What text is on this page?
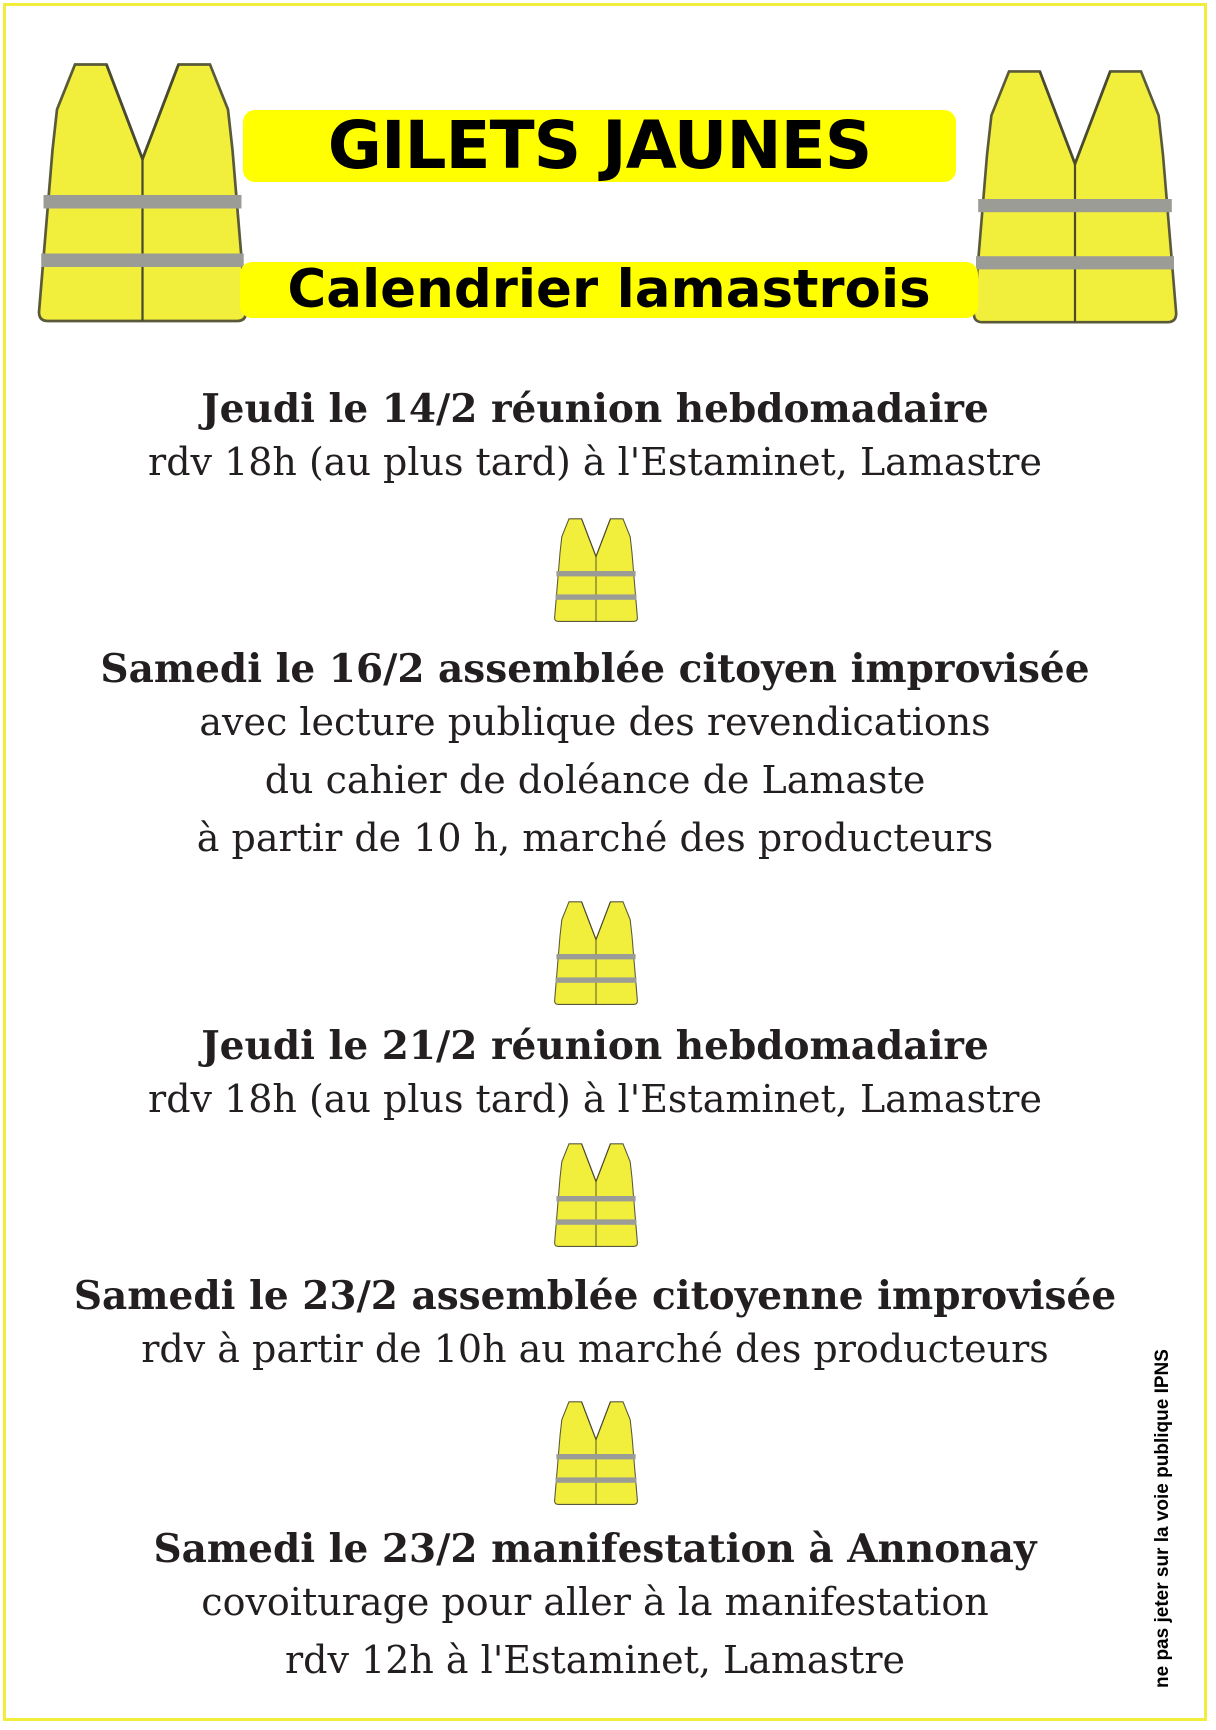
GILETS JAUNES
Calendrier lamastrois
Jeudi le 14/2 réunion hebdomadaire
rdv 18h (au plus tard) à l'Estaminet, Lamastre
Samedi le 16/2 assemblée citoyen improvisée
avec lecture publique des revendications
du cahier de doléance de Lamaste
à partir de 10 h, marché des producteurs
Jeudi le 21/2 réunion hebdomadaire
rdv 18h (au plus tard) à l'Estaminet, Lamastre
Samedi le 23/2 assemblée citoyenne improvisée
rdv à partir de 10h au marché des producteurs
Samedi le 23/2 manifestation à Annonay
covoiturage pour aller à la manifestation
rdv 12h à l'Estaminet, Lamastre	ne pas jeter sur la voie publique IPNS
